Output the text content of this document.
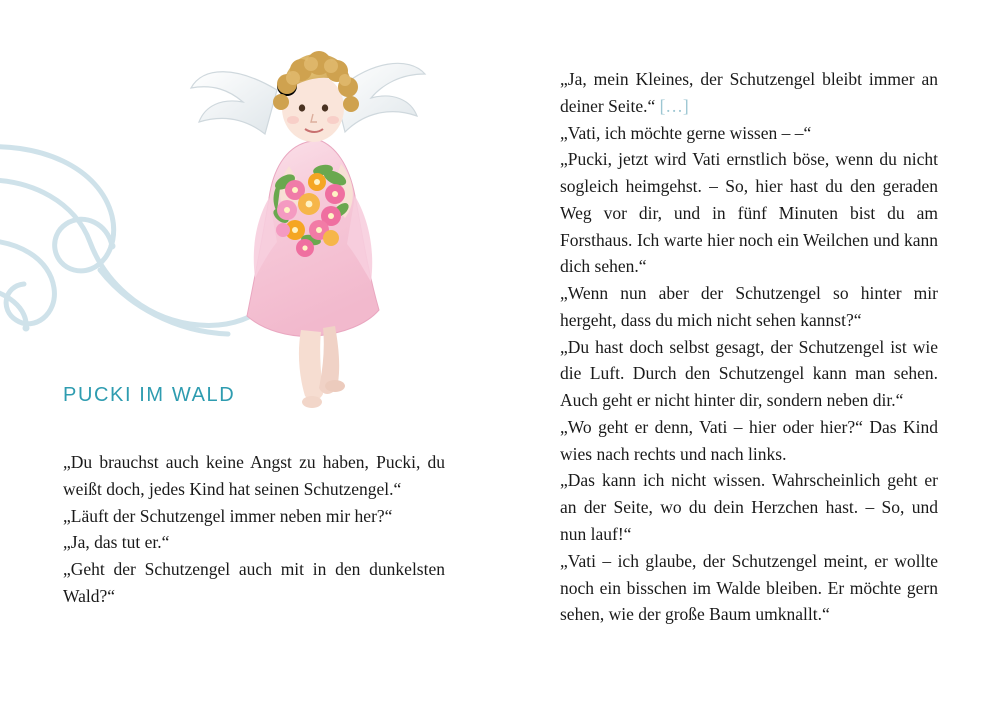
PUCKI IM WALD

„Du brauchst auch keine Angst zu haben, Pucki, du weißt doch, jedes Kind hat seinen Schutzengel.“

„Läuft der Schutzengel immer neben mir her?“

„Ja, das tut er.“

„Geht der Schutzengel auch mit in den dunkelsten Wald?“

„Ja, mein Kleines, der Schutzengel bleibt immer an deiner Seite.“ […]

„Vati, ich möchte gerne wissen – –“

„Pucki, jetzt wird Vati ernstlich böse, wenn du nicht sogleich heimgehst. – So, hier hast du den geraden Weg vor dir, und in fünf Minuten bist du am Forsthaus. Ich warte hier noch ein Weilchen und kann dich sehen.“

„Wenn nun aber der Schutzengel so hinter mir hergeht, dass du mich nicht sehen kannst?“

„Du hast doch selbst gesagt, der Schutzengel ist wie die Luft. Durch den Schutzengel kann man sehen. Auch geht er nicht hinter dir, sondern neben dir.“

„Wo geht er denn, Vati – hier oder hier?“ Das Kind wies nach rechts und nach links.

„Das kann ich nicht wissen. Wahrscheinlich geht er an der Seite, wo du dein Herzchen hast. – So, und nun lauf!“

„Vati – ich glaube, der Schutzengel meint, er wollte noch ein bisschen im Walde bleiben. Er möchte gern sehen, wie der große Baum umknallt.“
